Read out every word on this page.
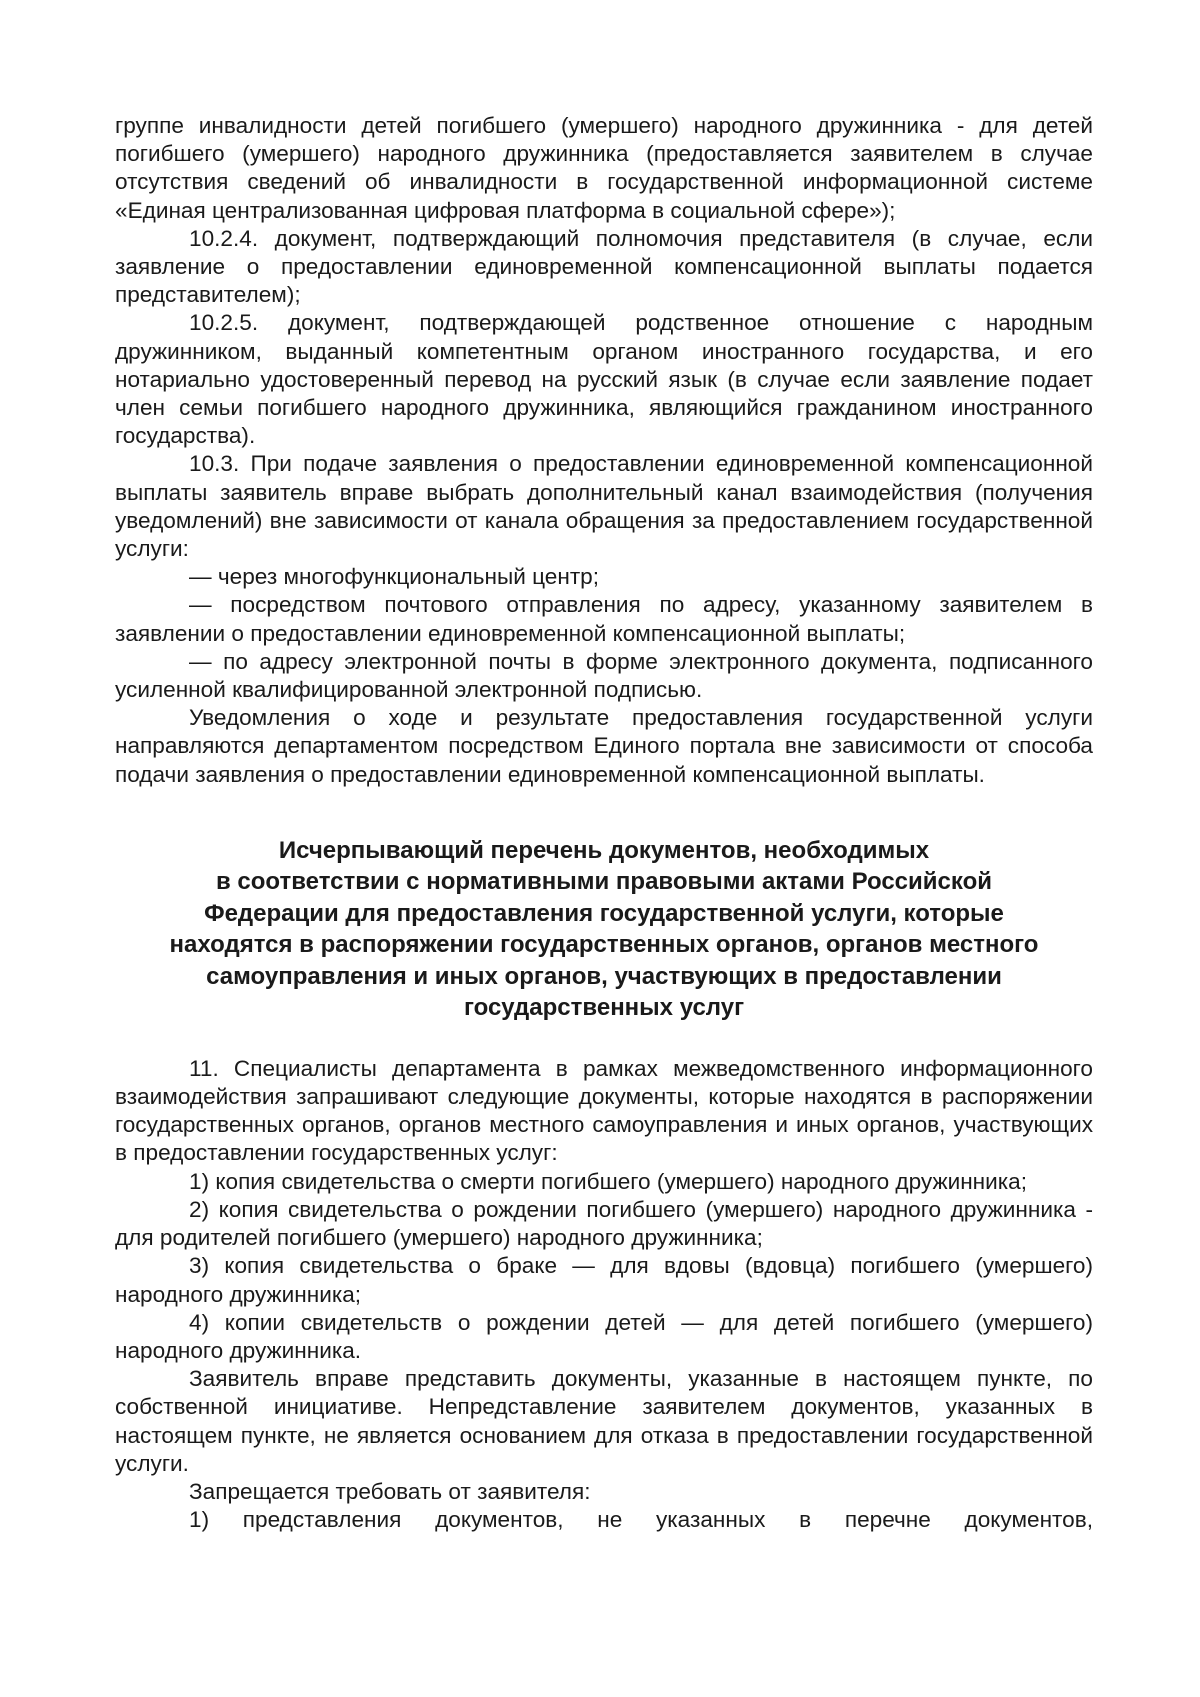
группе инвалидности детей погибшего (умершего) народного дружинника - для детей погибшего (умершего) народного дружинника (предоставляется заявителем в случае отсутствия сведений об инвалидности в государственной информационной системе «Единая централизованная цифровая платформа в социальной сфере»);

10.2.4. документ, подтверждающий полномочия представителя (в случае, если заявление о предоставлении единовременной компенсационной выплаты подается представителем);

10.2.5. документ, подтверждающей родственное отношение с народным дружинником, выданный компетентным органом иностранного государства, и его нотариально удостоверенный перевод на русский язык (в случае если заявление подает член семьи погибшего народного дружинника, являющийся гражданином иностранного государства).

10.3. При подаче заявления о предоставлении единовременной компенсационной выплаты заявитель вправе выбрать дополнительный канал взаимодействия (получения уведомлений) вне зависимости от канала обращения за предоставлением государственной услуги:

— через многофункциональный центр;

— посредством почтового отправления по адресу, указанному заявителем в заявлении о предоставлении единовременной компенсационной выплаты;

— по адресу электронной почты в форме электронного документа, подписанного усиленной квалифицированной электронной подписью.

Уведомления о ходе и результате предоставления государственной услуги направляются департаментом посредством Единого портала вне зависимости от способа подачи заявления о предоставлении единовременной компенсационной выплаты.

Исчерпывающий перечень документов, необходимых
в соответствии с нормативными правовыми актами Российской
Федерации для предоставления государственной услуги, которые
находятся в распоряжении государственных органов, органов местного
самоуправления и иных органов, участвующих в предоставлении
государственных услуг

11. Специалисты департамента в рамках межведомственного информационного взаимодействия запрашивают следующие документы, которые находятся в распоряжении государственных органов, органов местного самоуправления и иных органов, участвующих в предоставлении государственных услуг:

1) копия свидетельства о смерти погибшего (умершего) народного дружинника;

2) копия свидетельства о рождении погибшего (умершего) народного дружинника - для родителей погибшего (умершего) народного дружинника;

3) копия свидетельства о браке — для вдовы (вдовца) погибшего (умершего) народного дружинника;

4) копии свидетельств о рождении детей — для детей погибшего (умершего) народного дружинника.

Заявитель вправе представить документы, указанные в настоящем пункте, по собственной инициативе. Непредставление заявителем документов, указанных в настоящем пункте, не является основанием для отказа в предоставлении государственной услуги.

Запрещается требовать от заявителя:

1) представления документов, не указанных в перечне документов,
